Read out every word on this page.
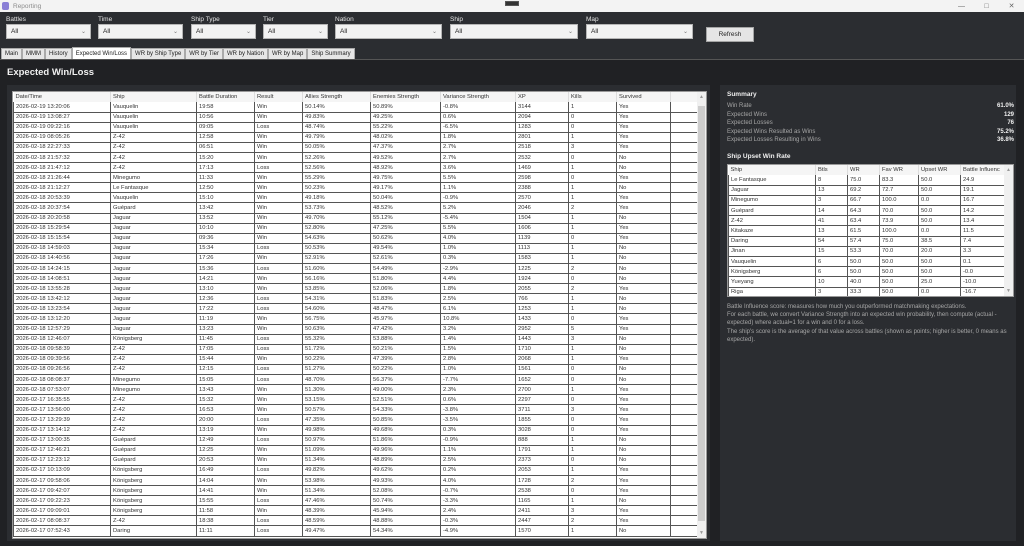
Reporting	—	□	✕
Battles
All	⌄
Time
All	⌄
Ship Type
All	⌄
Tier
All	⌄
Nation
All	⌄
Ship
All	⌄
Map
All	⌄	Refresh
Main	MMM	History	Expected Win/Loss	WR by Ship Type	WR by Tier	WR by Nation	WR by Map	Ship Summary
Expected Win/Loss
Date/Time	Ship	Battle Duration	Result	Allies Strength	Enemies Strength	Variance Strength	XP	Kills	Survived	
2026-02-19 13:20:06	Vauquelin	19:58	Win	50.14%	50.89%	-0.8%	3144	1	Yes	
2026-02-19 13:08:27	Vauquelin	10:56	Win	49.83%	49.25%	0.6%	2094	0	Yes	
2026-02-19 09:22:16	Vauquelin	09:05	Loss	48.74%	55.22%	-6.5%	1283	0	Yes	
2026-02-19 08:05:26	Z-42	12:58	Win	49.79%	48.02%	1.8%	2801	1	Yes	
2026-02-18 22:27:33	Z-42	06:51	Win	50.05%	47.37%	2.7%	2518	3	Yes	
2026-02-18 21:57:32	Z-42	15:20	Win	52.26%	49.52%	2.7%	2532	0	No	
2026-02-18 21:47:12	Z-42	17:13	Loss	52.56%	48.92%	3.6%	1469	1	No	
2026-02-18 21:26:44	Minegumo	11:33	Win	55.29%	49.75%	5.5%	2598	0	Yes	
2026-02-18 21:12:27	Le Fantasque	12:50	Win	50.23%	49.17%	1.1%	2388	1	No	
2026-02-18 20:53:39	Vauquelin	15:10	Win	49.18%	50.04%	-0.9%	2570	1	Yes	
2026-02-18 20:37:54	Guépard	13:42	Win	53.73%	48.52%	5.2%	2046	2	Yes	
2026-02-18 20:20:58	Jaguar	13:52	Win	49.70%	55.12%	-5.4%	1504	1	No	
2026-02-18 15:29:54	Jaguar	10:10	Win	52.80%	47.25%	5.5%	1606	1	Yes	
2026-02-18 15:15:54	Jaguar	09:36	Win	54.63%	50.62%	4.0%	1139	0	Yes	
2026-02-18 14:59:03	Jaguar	15:34	Loss	50.53%	49.54%	1.0%	1113	1	No	
2026-02-18 14:40:56	Jaguar	17:26	Win	52.91%	52.61%	0.3%	1583	1	No	
2026-02-18 14:24:15	Jaguar	15:36	Loss	51.60%	54.49%	-2.9%	1225	2	No	
2026-02-18 14:08:51	Jaguar	14:21	Win	56.16%	51.80%	4.4%	1924	0	No	
2026-02-18 13:55:28	Jaguar	13:10	Win	53.85%	52.06%	1.8%	2055	2	Yes	
2026-02-18 13:42:12	Jaguar	12:36	Loss	54.31%	51.83%	2.5%	766	1	No	
2026-02-18 13:23:54	Jaguar	17:22	Loss	54.60%	48.47%	6.1%	1253	1	No	
2026-02-18 13:12:20	Jaguar	11:19	Win	56.75%	45.97%	10.8%	1433	0	Yes	
2026-02-18 12:57:29	Jaguar	13:23	Win	50.63%	47.42%	3.2%	2952	5	Yes	
2026-02-18 12:46:07	Königsberg	11:45	Loss	55.32%	53.88%	1.4%	1443	3	No	
2026-02-18 09:58:39	Z-42	17:05	Loss	51.72%	50.21%	1.5%	1710	1	No	
2026-02-18 09:39:56	Z-42	15:44	Win	50.22%	47.39%	2.8%	2068	1	Yes	
2026-02-18 09:26:56	Z-42	12:15	Loss	51.27%	50.22%	1.0%	1561	0	No	
2026-02-18 08:08:37	Minegumo	15:05	Loss	48.70%	56.37%	-7.7%	1652	0	No	
2026-02-18 07:53:07	Minegumo	13:43	Win	51.30%	49.00%	2.3%	2700	1	Yes	
2026-02-17 16:35:55	Z-42	15:32	Win	53.15%	52.51%	0.6%	2297	0	Yes	
2026-02-17 13:56:00	Z-42	16:53	Win	50.57%	54.33%	-3.8%	3711	3	Yes	
2026-02-17 13:29:39	Z-42	20:00	Loss	47.35%	50.85%	-3.5%	1855	0	Yes	
2026-02-17 13:14:12	Z-42	13:19	Win	49.98%	49.68%	0.3%	3028	0	Yes	
2026-02-17 13:00:35	Guépard	12:49	Loss	50.97%	51.86%	-0.9%	888	1	No	
2026-02-17 12:46:21	Guépard	12:25	Win	51.09%	49.96%	1.1%	1791	1	No	
2026-02-17 12:23:12	Guépard	20:53	Win	51.34%	48.89%	2.5%	2373	0	No	
2026-02-17 10:13:09	Königsberg	16:49	Loss	49.82%	49.62%	0.2%	2053	1	Yes	
2026-02-17 09:58:06	Königsberg	14:04	Win	53.98%	49.93%	4.0%	1728	2	Yes	
2026-02-17 09:42:07	Königsberg	14:41	Win	51.34%	52.08%	-0.7%	2538	0	Yes	
2026-02-17 09:22:23	Königsberg	15:55	Loss	47.46%	50.74%	-3.3%	1165	1	No	
2026-02-17 09:09:01	Königsberg	11:58	Win	48.39%	45.94%	2.4%	2411	3	Yes	
2026-02-17 08:08:37	Z-42	18:38	Loss	48.59%	48.88%	-0.3%	2447	2	Yes	
2026-02-17 07:52:43	Daring	11:11	Loss	49.47%	54.34%	-4.9%	1570	1	No	
▲
▼
Summary
Win Rate	61.0%
Expected Wins	129
Expected Losses	76
Expected Wins Resulted as Wins	75.2%
Expected Losses Resulting in Wins	36.8%
Ship Upset Win Rate
Ship	Btls	WR	Fav WR	Upset WR	Battle Influenc
Le Fantasque	8	75.0	83.3	50.0	24.9
Jaguar	13	69.2	72.7	50.0	19.1
Minegumo	3	66.7	100.0	0.0	16.7
Guépard	14	64.3	70.0	50.0	14.2
Z-42	41	63.4	73.9	50.0	13.4
Kitakaze	13	61.5	100.0	0.0	11.5
Daring	54	57.4	75.0	38.5	7.4
Jinan	15	53.3	70.0	20.0	3.3
Vauquelin	6	50.0	50.0	50.0	0.1
Königsberg	6	50.0	50.0	50.0	-0.0
Yueyang	10	40.0	50.0	25.0	-10.0
Riga	3	33.3	50.0	0.0	-16.7
▲
▼
Battle Influence score: measures how much you outperformed matchmaking expectations.
For each battle, we convert Variance Strength into an expected win probability, then compute (actual - expected) where actual=1 for a win and 0 for a loss.
The ship's score is the average of that value across battles (shown as points; higher is better, 0 means as expected).
